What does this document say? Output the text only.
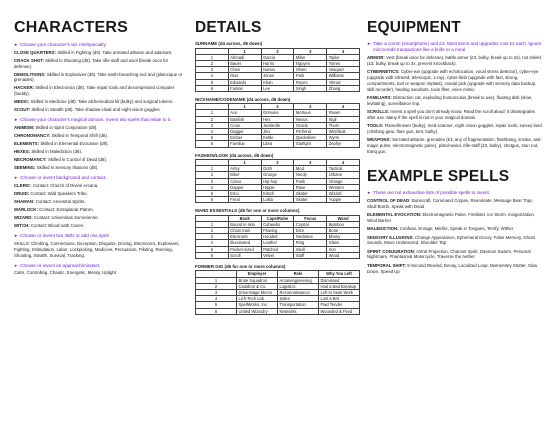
CHARACTERS
► Choose your character's wiz role/specialty.
CLOSE QUARTERS: Skilled in Fighting (d8). Take armated athame and adamant.
CRACK SHOT: Skilled in Shooting (d8). Take rifle-staff and wool (break once for defense).
DEMOLITIONS: Skilled in Explosives (d8). Take earth-breaching tool and (plaincique or grenades).
HACKER: Skilled in Electronics (d8). Take repair tools and decompessed computer (buddy).
MEDIC: Skilled in Medicine (d8). Take alchemedical kit (bulky) and surgical tokens.
SCOUT: Skilled in Stealth (d8). Take shadow-cloak and night vision goggles.
► Choose your character's magical domain. Invent two spells that relate to it.
ANIMISM: Skilled in Spirit Conjuration (d8).
CHRONOMANCY: Skilled in Temporal Shift (d8).
ELEMENTS: Skilled in Elemental Evocation (d8).
HEXES: Skilled in Malediction (d8).
NECROMANCY: Skilled in Control of Dead (d8).
SEEMING: Skilled in Sensory Illusions (d8).
► Choose or invent background and contact.
CLERIC: Contact: Church of Divine Arcana.
DRUID: Contact: Wild Speakers Tribe.
SHAMAN: Contact: Ancestral Spirits.
WARLOCK: Contact: Extraplanar Patron.
WIZARD: Contact: Universitas Sorcerienne.
WITCH: Contact: Blood-oath Coven.
► Choose or invent two skills or add one spell.
SKILLS: Climbing, Connections, Deception, Disguise, Driving, Electronics, Explosives, Fighting, Intimidation, Labor, Lockpicking, Medicine, Persuasion, Piloting, Running, Shooting, Stealth, Survival, Tracking.
► Choose or invent an approach/mindset.
Calm, Controlling, Chaotic, Energetic, Messy, Uptight
DETAILS
SURNAME (d4 across, d6 down)
	1	2	3	4
1	Ahmadi	Garcia	Miller	Taylor
2	Bauer	Harris	Nguyen	Torres
3	Chen	Ivanov	Olsen	Vasquez
4	Diaz	Jones	Park	Williams
5	Edwards	Khan	Reyes	Yilmaz
6	Farkas	Lee	Singh	Zhang
NICKNAME/CODENAME (d4 across, d6 down)
	1	2	3	4
1	Ace	Grimoire	Mortuus	Raven
2	Basilisk	Hex	Nexus	Sigil
3	Crow	Jackknife	Oracle	Thorn
4	Dagger	Jinx	Pit-fiend	Witchbolt
5	Ember	Kettle	Quicksilver	Wyrm
6	Familiar	Libra	Starlight	Zephyr
FASHION/LOOK (d4 across, d6 down)
	1	2	3	4
1	Artsy	Goth	Mod	Tactical
2	Biker	Grunge	Nerdy	Urbane
3	Camo	Hip-hop	Punk	Vintage
4	Dapper	Hippie	Rave	Western
5	Emo	Kitsch	Skater	Wizard
6	Feral	Lolita	Skater	Yuppie
WAND ESSENTIALS (d6 for one or more columns)
	Book	Cape/Robe	Focus	Wand
1	Bound in skin	Cobwebs	Crystal	Bamboo
2	Chain mail	Flowing	Dice	Bone
3	Electronic	Hooded	Necklace	Ebony
4	Illuminated	Leather	Ring	Glass
5	Pocket-sized	Patched	Skull	Iron
6	Scroll	Velvet	Staff	Wood
FORMER GIG (d6 for one or more columns)
	Employer	Role	Why You Left
1	Brute Squadron	Arcanengineering	Dismissed
2	Cauldron & Co.	Logistics	Had a Bad Breakup
3	Drive-Mage Mercs	Reconnaissance	Left to Seek Work
4	Lich-Tech Lab	Sales	Lost a Bet
5	SpellWorks, Inc.	Transportation	Paid Tender
6	United Wizardry	Networks	Wounded & Fired
EQUIPMENT
► Take a comm (smartphone) and £3. Most items and upgrades cost £1 each. Ignore microcredit transactions like a knife or a meal.
ARMOR: Vest (break once for defense), battle armor (£3, bulky, break up to 2x), riot shield (£3, bulky, break up to 3x, prevent knockback).
CYBERNETICS: Cyber-ear (upgrade with echolocation, vocal stress detector), cyber-eye (upgrade with infrared, telescopic, x-ray), cyber-limb (upgrade with fast, strong, compartments, tool or weapon implant), cranial jack (upgrade with sensory data backup, skill recorder), healing nanobots, toxin filter, voice mimic.
FAMILIARS: Distraction cat, exploding homunculus (break to use), floating disk (slow, levitating), surveillance imp.
SCROLLS: Invent a spell you don't already know. Read the scroll aloud; it disintegrates after use. Many if the spell is not in your magical domain.
TOOLS: Flamethrower (bulky), med scanner, night vision goggles, repair tools, survey land (climbing gear, flare gun, tent, bulky).
WEAPONS: Serrated athame, grenades (£3, any of fragmentation, flashbang, smoke, anti-magic pulse, electromagnetic pulse), pistol-wand, rifle-staff (£3, bulky), shotgun, stun rod, tranq gun.
EXAMPLE SPELLS
► These are not exhaustive lists of possible spells to invent.
CONTROL OF DEAD: Bonecraft, Command Corpse, Reanimate, Message Bear Trap, Skull Bomb, Speak with Dead
ELEMENTAL EVOCATION: Electromagnetic Pulse, Fireblast, Ice Storm, Invigorization, Wind Barrier
MALEDICTION: Confuse, Enrage, Misfire, Speak in Tongues, Terrify, Wither
SENSORY ILLUSIONS: Change Appearance, Ephemeral Decoy, False Memory, Ghost Sounds, Move Undetected, Shoulder Tap
SPIRIT CONJURATION: Astral Projection, Channel Spirit, Daemon Swarm, Personal Nightmare, Phantasmal Motorcycle, Traverse the Aether
TEMPORAL SHIFT: 5-Second Rewind, Decay, Localized Loop, Momentary Stutter, Slow Down, Speed Up
